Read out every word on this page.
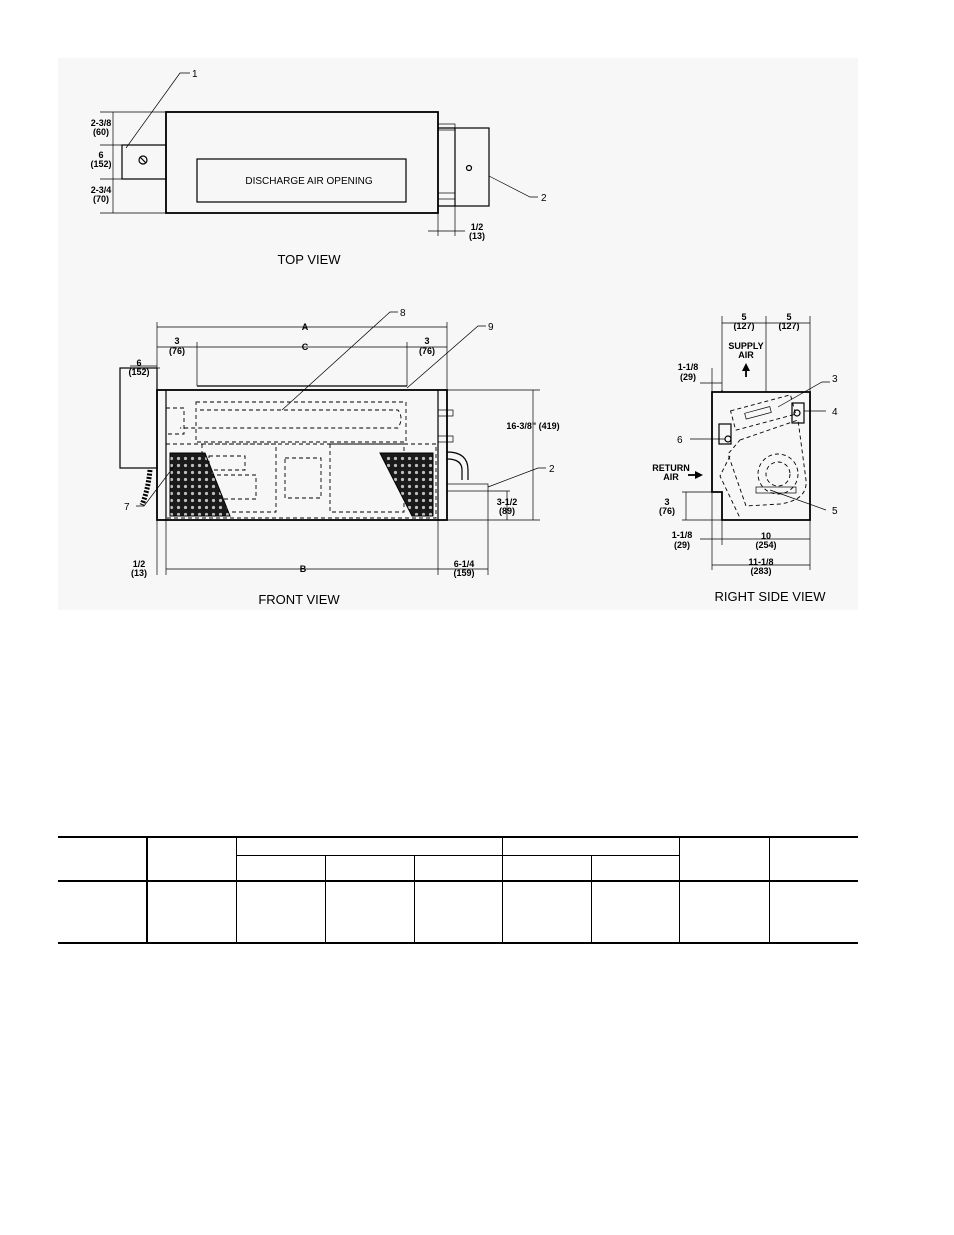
DISCHARGE AIR OPENING
2-3/8
(60)
6
(152)
2-3/4
(70)
1
2
1/2
(13)
TOP VIEW
A
C
3
(76)
3
(76)
6
(152)
16-3/8" (419)
3-1/2
(89)
B
1/2
(13)
6-1/4
(159)
8
9
2
7
FRONT VIEW
5
(127)
5
(127)
SUPPLY
AIR
1-1/8
(29)
RETURN
AIR
3
(76)
1-1/8
(29)
10
(254)
11-1/8
(283)
3
4
6
5
RIGHT SIDE VIEW
